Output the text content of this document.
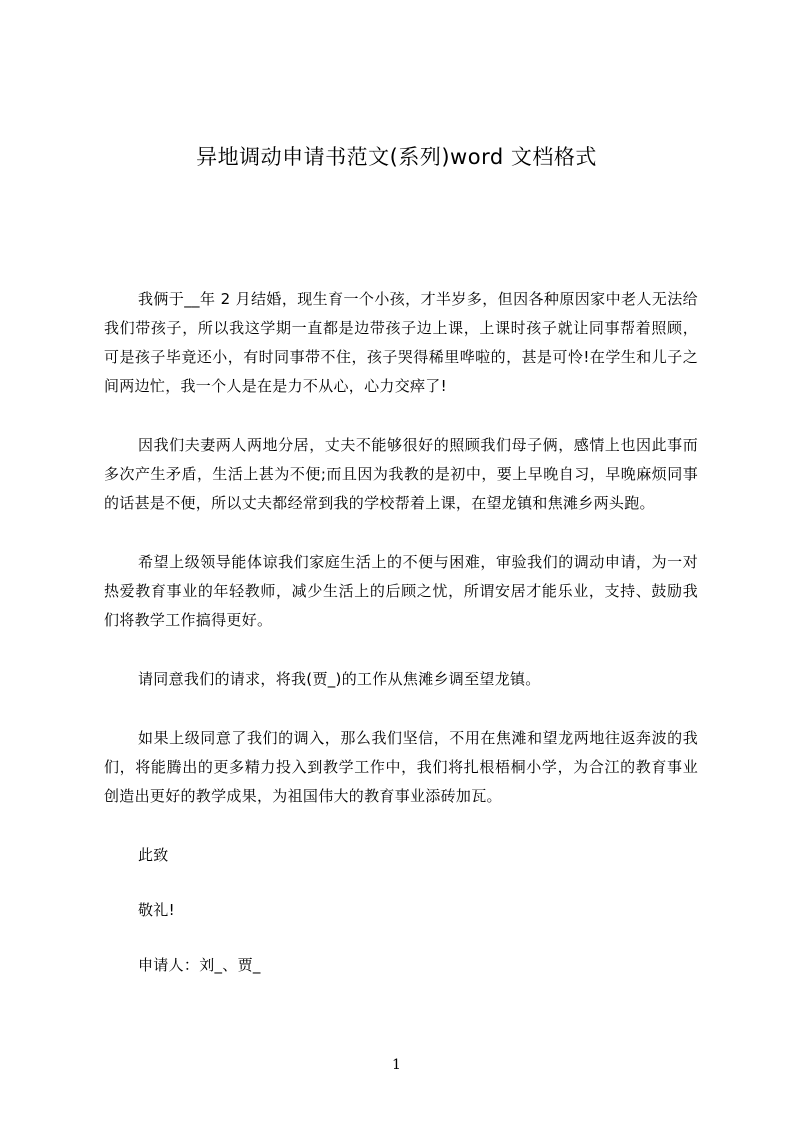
异地调动申请书范文(系列)word 文档格式

我俩于__年 2 月结婚，现生育一个小孩，才半岁多，但因各种原因家中老人无法给我们带孩子，所以我这学期一直都是边带孩子边上课，上课时孩子就让同事帮着照顾，可是孩子毕竟还小，有时同事带不住，孩子哭得稀里哗啦的，甚是可怜!在学生和儿子之间两边忙，我一个人是在是力不从心，心力交瘁了!

因我们夫妻两人两地分居，丈夫不能够很好的照顾我们母子俩，感情上也因此事而多次产生矛盾，生活上甚为不便;而且因为我教的是初中，要上早晚自习，早晚麻烦同事的话甚是不便，所以丈夫都经常到我的学校帮着上课，在望龙镇和焦滩乡两头跑。

希望上级领导能体谅我们家庭生活上的不便与困难，审验我们的调动申请，为一对热爱教育事业的年轻教师，减少生活上的后顾之忧，所谓安居才能乐业，支持、鼓励我们将教学工作搞得更好。

请同意我们的请求，将我(贾_)的工作从焦滩乡调至望龙镇。

如果上级同意了我们的调入，那么我们坚信，不用在焦滩和望龙两地往返奔波的我们，将能腾出的更多精力投入到教学工作中，我们将扎根梧桐小学，为合江的教育事业创造出更好的教学成果，为祖国伟大的教育事业添砖加瓦。

此致

敬礼!

申请人：刘_、贾_

1
